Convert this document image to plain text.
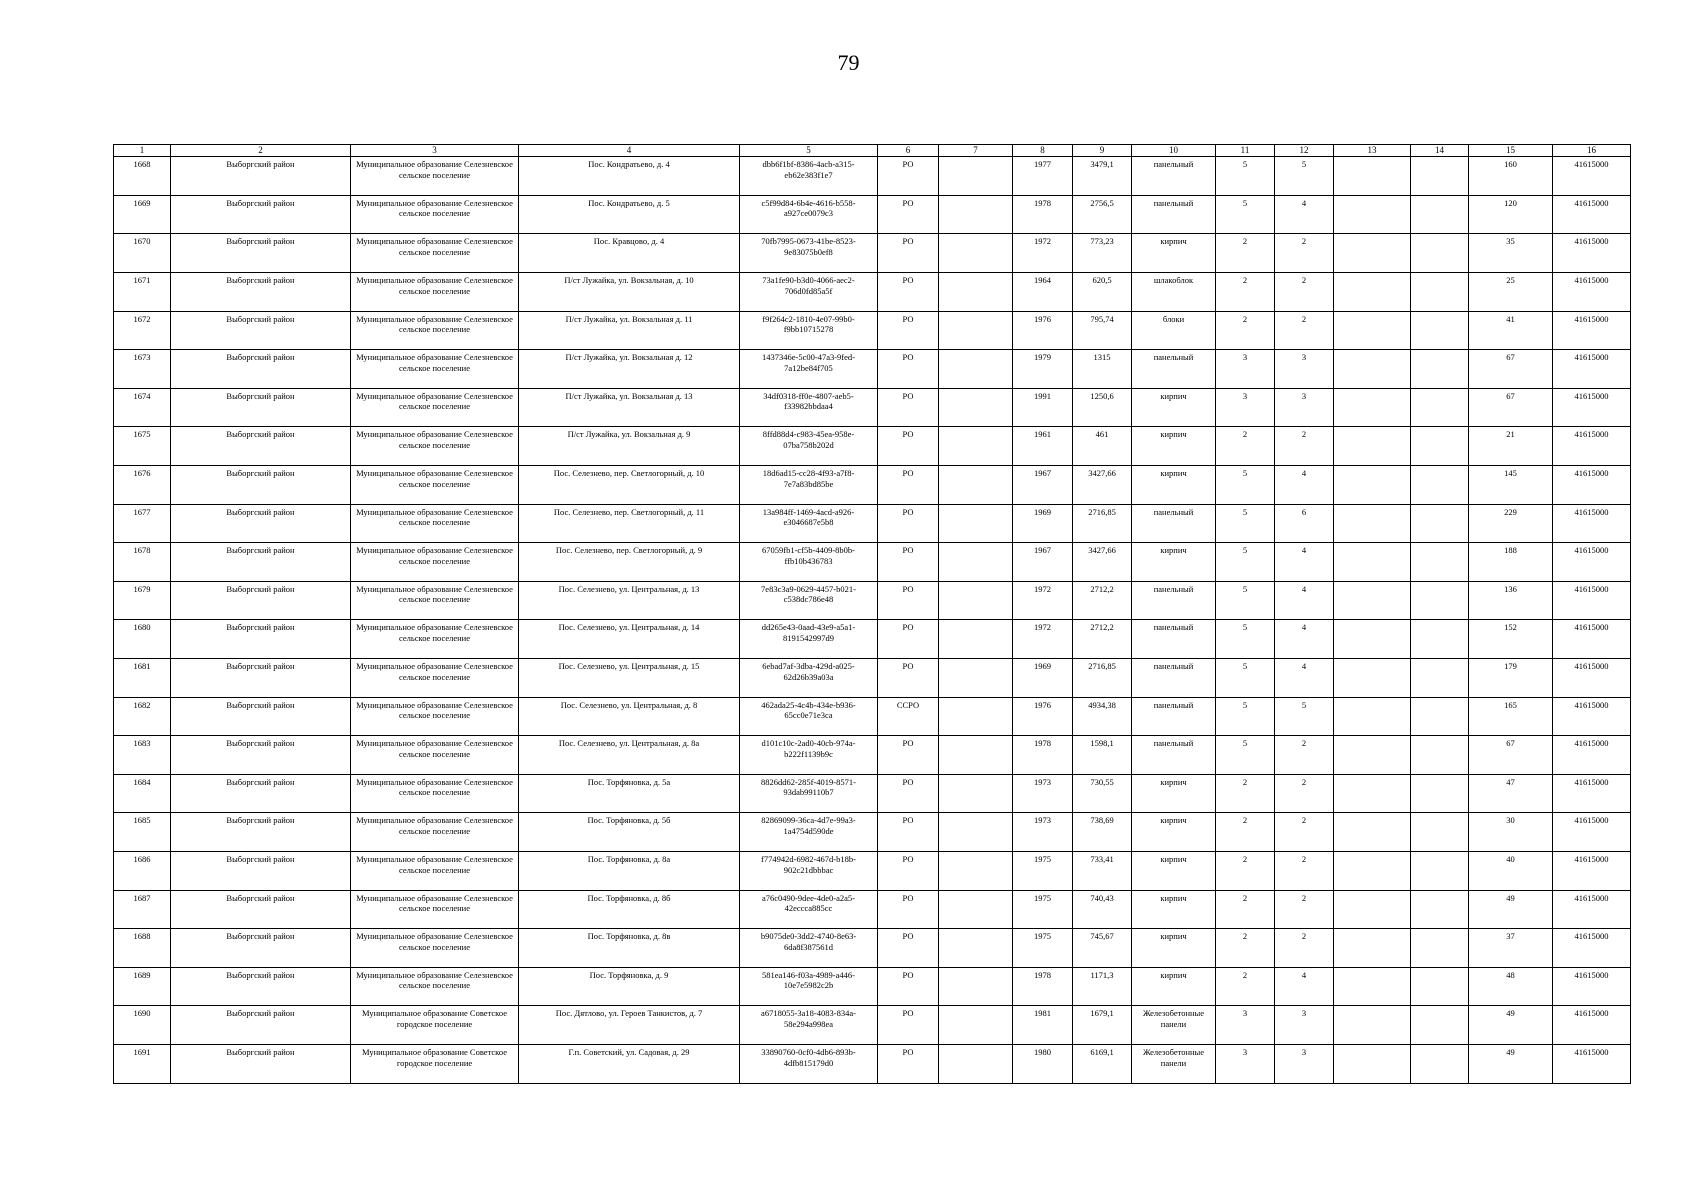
79
1	2	3	4	5	6	7	8	9	10	11	12	13	14	15	16
1668	Выборгский район	Муниципальное образование Селезневское сельское поселение	Пос. Кондратьево, д. 4	dbb6f1bf-8386-4acb-a315-eb62e383f1e7	РО		1977	3479,1	панельный	5	5			160	41615000
1669	Выборгский район	Муниципальное образование Селезневское сельское поселение	Пос. Кондратьево, д. 5	c5f99d84-6b4e-4616-b558-a927ce0079c3	РО		1978	2756,5	панельный	5	4			120	41615000
1670	Выборгский район	Муниципальное образование Селезневское сельское поселение	Пос. Кравцово, д. 4	70fb7995-0673-41be-8523-9e83075b0ef8	РО		1972	773,23	кирпич	2	2			35	41615000
1671	Выборгский район	Муниципальное образование Селезневское сельское поселение	П/ст Лужайка, ул. Вокзальная, д. 10	73a1fe90-b3d0-4066-aec2-706d0fd85a5f	РО		1964	620,5	шлакоблок	2	2			25	41615000
1672	Выборгский район	Муниципальное образование Селезневское сельское поселение	П/ст Лужайка, ул. Вокзальная д. 11	f9f264c2-1810-4e07-99b0-f9bb10715278	РО		1976	795,74	блоки	2	2			41	41615000
1673	Выборгский район	Муниципальное образование Селезневское сельское поселение	П/ст Лужайка, ул. Вокзальная д. 12	1437346e-5c00-47a3-9fed-7a12be84f705	РО		1979	1315	панельный	3	3			67	41615000
1674	Выборгский район	Муниципальное образование Селезневское сельское поселение	П/ст Лужайка, ул. Вокзальная д. 13	34df0318-ff0e-4807-aeb5-f33982bbdaa4	РО		1991	1250,6	кирпич	3	3			67	41615000
1675	Выборгский район	Муниципальное образование Селезневское сельское поселение	П/ст Лужайка, ул. Вокзальная д. 9	8ffd88d4-c983-45ea-958e-07ba758b202d	РО		1961	461	кирпич	2	2			21	41615000
1676	Выборгский район	Муниципальное образование Селезневское сельское поселение	Пос. Селезнево, пер. Светлогорный, д. 10	18d6ad15-cc28-4f93-a7f8-7e7a83bd85be	РО		1967	3427,66	кирпич	5	4			145	41615000
1677	Выборгский район	Муниципальное образование Селезневское сельское поселение	Пос. Селезнево, пер. Светлогорный, д. 11	13a984ff-1469-4acd-a926-e3046687e5b8	РО		1969	2716,85	панельный	5	6			229	41615000
1678	Выборгский район	Муниципальное образование Селезневское сельское поселение	Пос. Селезнево, пер. Светлогорный, д. 9	67059fb1-cf5b-4409-8b0b-ffb10b436783	РО		1967	3427,66	кирпич	5	4			188	41615000
1679	Выборгский район	Муниципальное образование Селезневское сельское поселение	Пос. Селезнево, ул. Центральная, д. 13	7e83c3a9-0629-4457-b021-c538dc786e48	РО		1972	2712,2	панельный	5	4			136	41615000
1680	Выборгский район	Муниципальное образование Селезневское сельское поселение	Пос. Селезнево, ул. Центральная, д. 14	dd265e43-0aad-43e9-a5a1-8191542997d9	РО		1972	2712,2	панельный	5	4			152	41615000
1681	Выборгский район	Муниципальное образование Селезневское сельское поселение	Пос. Селезнево, ул. Центральная, д. 15	6ebad7af-3dba-429d-a025-62d26b39a03a	РО		1969	2716,85	панельный	5	4			179	41615000
1682	Выборгский район	Муниципальное образование Селезневское сельское поселение	Пос. Селезнево, ул. Центральная, д. 8	462ada25-4c4b-434e-b936-65cc0e71e3ca	ССРО		1976	4934,38	панельный	5	5			165	41615000
1683	Выборгский район	Муниципальное образование Селезневское сельское поселение	Пос. Селезнево, ул. Центральная, д. 8а	d101c10c-2ad0-40cb-974a-b222f1139b9c	РО		1978	1598,1	панельный	5	2			67	41615000
1684	Выборгский район	Муниципальное образование Селезневское сельское поселение	Пос. Торфяновка, д. 5а	8826dd62-285f-4019-8571-93dab99110b7	РО		1973	730,55	кирпич	2	2			47	41615000
1685	Выборгский район	Муниципальное образование Селезневское сельское поселение	Пос. Торфяновка, д. 5б	82869099-36ca-4d7e-99a3-1a4754d590de	РО		1973	738,69	кирпич	2	2			30	41615000
1686	Выборгский район	Муниципальное образование Селезневское сельское поселение	Пос. Торфяновка, д. 8а	f774942d-6982-467d-b18b-902c21dbbbac	РО		1975	733,41	кирпич	2	2			40	41615000
1687	Выборгский район	Муниципальное образование Селезневское сельское поселение	Пос. Торфяновка, д. 8б	a76c0490-9dee-4de0-a2a5-42eccca885cc	РО		1975	740,43	кирпич	2	2			49	41615000
1688	Выборгский район	Муниципальное образование Селезневское сельское поселение	Пос. Торфяновка, д. 8в	b9075de0-3dd2-4740-8e63-6da8f387561d	РО		1975	745,67	кирпич	2	2			37	41615000
1689	Выборгский район	Муниципальное образование Селезневское сельское поселение	Пос. Торфяновка, д. 9	581ea146-f03a-4989-a446-10e7e5982c2b	РО		1978	1171,3	кирпич	2	4			48	41615000
1690	Выборгский район	Муниципальное образование Советское городское поселение	Пос. Дятлово, ул. Героев Танкистов, д. 7	a6718055-3a18-4083-834a-58e294a998ea	РО		1981	1679,1	Железобетонные панели	3	3			49	41615000
1691	Выборгский район	Муниципальное образование Советское городское поселение	Г.п. Советский, ул. Садовая, д. 29	33890760-0cf0-4db6-893b-4dfb815179d0	РО		1980	6169,1	Железобетонные панели	3	3			49	41615000
